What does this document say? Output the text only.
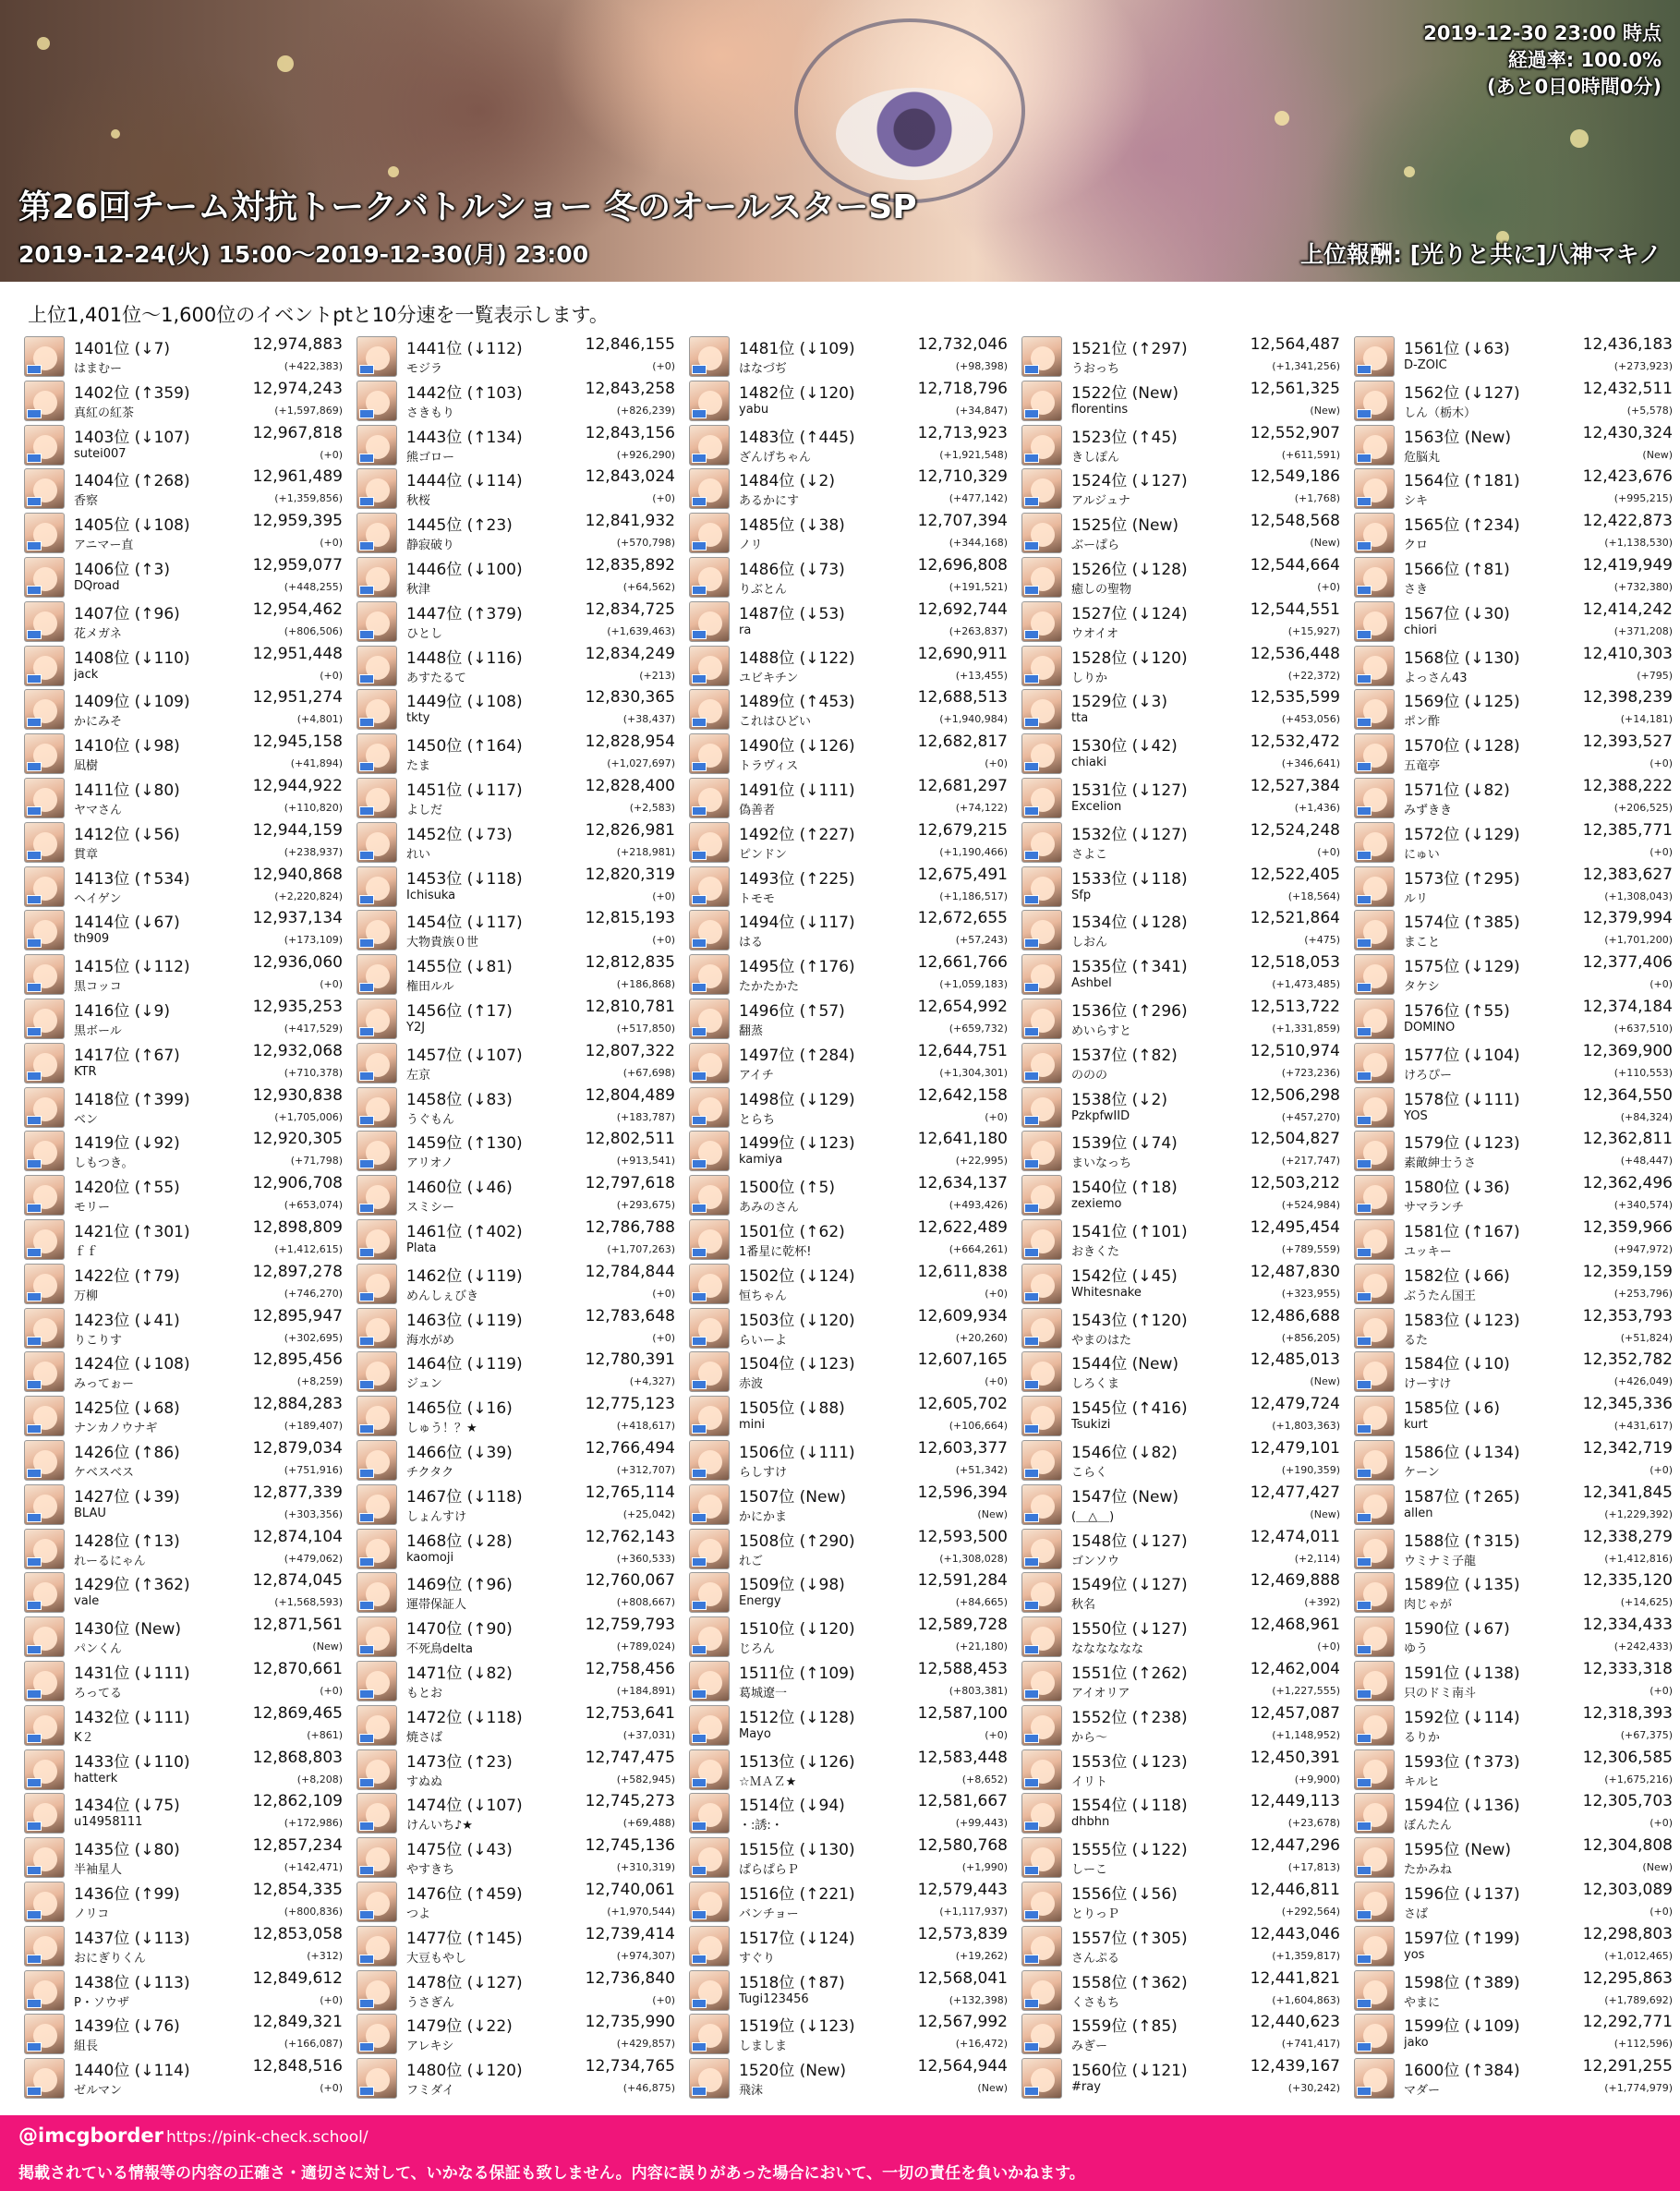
2019-12-30 23:00 時点
経過率: 100.0%
(あと0日0時間0分)
第26回チーム対抗トークバトルショー 冬のオールスターSP
2019-12-24(火) 15:00～2019-12-30(月) 23:00	上位報酬: [光りと共に]八神マキノ
上位1,401位～1,600位のイベントptと10分速を一覧表示します。
1401位 (↓7)	12,974,883
はまむー	(+422,383)
1402位 (↑359)	12,974,243
真紅の紅茶	(+1,597,869)
1403位 (↓107)	12,967,818
sutei007	(+0)
1404位 (↑268)	12,961,489
香察	(+1,359,856)
1405位 (↓108)	12,959,395
アニマー直	(+0)
1406位 (↑3)	12,959,077
DQroad	(+448,255)
1407位 (↑96)	12,954,462
花メガネ	(+806,506)
1408位 (↓110)	12,951,448
jack	(+0)
1409位 (↓109)	12,951,274
かにみそ	(+4,801)
1410位 (↓98)	12,945,158
凪樹	(+41,894)
1411位 (↓80)	12,944,922
ヤマさん	(+110,820)
1412位 (↓56)	12,944,159
貫章	(+238,937)
1413位 (↑534)	12,940,868
ヘイゲン	(+2,220,824)
1414位 (↓67)	12,937,134
th909	(+173,109)
1415位 (↓112)	12,936,060
黒コッコ	(+0)
1416位 (↓9)	12,935,253
黒ボール	(+417,529)
1417位 (↑67)	12,932,068
KTR	(+710,378)
1418位 (↑399)	12,930,838
ベン	(+1,705,006)
1419位 (↓92)	12,920,305
しもつき。	(+71,798)
1420位 (↑55)	12,906,708
モリー	(+653,074)
1421位 (↑301)	12,898,809
ｆｆ	(+1,412,615)
1422位 (↑79)	12,897,278
万柳	(+746,270)
1423位 (↓41)	12,895,947
りこりす	(+302,695)
1424位 (↓108)	12,895,456
みってぉー	(+8,259)
1425位 (↓68)	12,884,283
ナンカノウナギ	(+189,407)
1426位 (↑86)	12,879,034
ケベスベス	(+751,916)
1427位 (↓39)	12,877,339
BLAU	(+303,356)
1428位 (↑13)	12,874,104
れーるにゃん	(+479,062)
1429位 (↑362)	12,874,045
vale	(+1,568,593)
1430位 (New)	12,871,561
パンくん	(New)
1431位 (↓111)	12,870,661
ろってる	(+0)
1432位 (↓111)	12,869,465
K２	(+861)
1433位 (↓110)	12,868,803
hatterk	(+8,208)
1434位 (↓75)	12,862,109
u14958111	(+172,986)
1435位 (↓80)	12,857,234
半袖星人	(+142,471)
1436位 (↑99)	12,854,335
ノリコ	(+800,836)
1437位 (↓113)	12,853,058
おにぎりくん	(+312)
1438位 (↓113)	12,849,612
P・ソウザ	(+0)
1439位 (↓76)	12,849,321
組長	(+166,087)
1440位 (↓114)	12,848,516
ゼルマン	(+0)
1441位 (↓112)	12,846,155
モジラ	(+0)
1442位 (↑103)	12,843,258
さきもり	(+826,239)
1443位 (↑134)	12,843,156
熊ゴロー	(+926,290)
1444位 (↓114)	12,843,024
秋桜	(+0)
1445位 (↑23)	12,841,932
静寂破り	(+570,798)
1446位 (↓100)	12,835,892
秋津	(+64,562)
1447位 (↑379)	12,834,725
ひとし	(+1,639,463)
1448位 (↓116)	12,834,249
あすたるて	(+213)
1449位 (↓108)	12,830,365
tkty	(+38,437)
1450位 (↑164)	12,828,954
たま	(+1,027,697)
1451位 (↓117)	12,828,400
よしだ	(+2,583)
1452位 (↓73)	12,826,981
れい	(+218,981)
1453位 (↓118)	12,820,319
Ichisuka	(+0)
1454位 (↓117)	12,815,193
大物貴族０世	(+0)
1455位 (↓81)	12,812,835
権田ルル	(+186,868)
1456位 (↑17)	12,810,781
Y2J	(+517,850)
1457位 (↓107)	12,807,322
左京	(+67,698)
1458位 (↓83)	12,804,489
うぐもん	(+183,787)
1459位 (↑130)	12,802,511
アリオノ	(+913,541)
1460位 (↓46)	12,797,618
スミシー	(+293,675)
1461位 (↑402)	12,786,788
Plata	(+1,707,263)
1462位 (↓119)	12,784,844
めんしぇびき	(+0)
1463位 (↓119)	12,783,648
海水がめ	(+0)
1464位 (↓119)	12,780,391
ジュン	(+4,327)
1465位 (↓16)	12,775,123
しゅう！？★	(+418,617)
1466位 (↓39)	12,766,494
チクタク	(+312,707)
1467位 (↓118)	12,765,114
しょんすけ	(+25,042)
1468位 (↓28)	12,762,143
kaomoji	(+360,533)
1469位 (↑96)	12,760,067
運帯保証人	(+808,667)
1470位 (↑90)	12,759,793
不死鳥delta	(+789,024)
1471位 (↓82)	12,758,456
もとお	(+184,891)
1472位 (↓118)	12,753,641
焼さば	(+37,031)
1473位 (↑23)	12,747,475
すぬぬ	(+582,945)
1474位 (↓107)	12,745,273
けんいち♪★	(+69,488)
1475位 (↓43)	12,745,136
やすきち	(+310,319)
1476位 (↑459)	12,740,061
つよ	(+1,970,544)
1477位 (↑145)	12,739,414
大豆もやし	(+974,307)
1478位 (↓127)	12,736,840
うさぎん	(+0)
1479位 (↓22)	12,735,990
アレキシ	(+429,857)
1480位 (↓120)	12,734,765
フミダイ	(+46,875)
1481位 (↓109)	12,732,046
はなづぢ	(+98,398)
1482位 (↓120)	12,718,796
yabu	(+34,847)
1483位 (↑445)	12,713,923
ざんげちゃん	(+1,921,548)
1484位 (↓2)	12,710,329
あるかにす	(+477,142)
1485位 (↓38)	12,707,394
ノリ	(+344,168)
1486位 (↓73)	12,696,808
りぶとん	(+191,521)
1487位 (↓53)	12,692,744
ra	(+263,837)
1488位 (↓122)	12,690,911
ユビキチン	(+13,455)
1489位 (↑453)	12,688,513
これはひどい	(+1,940,984)
1490位 (↓126)	12,682,817
トラヴィス	(+0)
1491位 (↓111)	12,681,297
偽善者	(+74,122)
1492位 (↑227)	12,679,215
ピンドン	(+1,190,466)
1493位 (↑225)	12,675,491
トモモ	(+1,186,517)
1494位 (↓117)	12,672,655
はる	(+57,243)
1495位 (↑176)	12,661,766
たかたかた	(+1,059,183)
1496位 (↑57)	12,654,992
翻蒸	(+659,732)
1497位 (↑284)	12,644,751
アイチ	(+1,304,301)
1498位 (↓129)	12,642,158
とらち	(+0)
1499位 (↓123)	12,641,180
kamiya	(+22,995)
1500位 (↑5)	12,634,137
あみのさん	(+493,426)
1501位 (↑62)	12,622,489
1番星に乾杯!	(+664,261)
1502位 (↓124)	12,611,838
恒ちゃん	(+0)
1503位 (↓120)	12,609,934
らいーよ	(+20,260)
1504位 (↓123)	12,607,165
赤波	(+0)
1505位 (↓88)	12,605,702
mini	(+106,664)
1506位 (↓111)	12,603,377
らしすけ	(+51,342)
1507位 (New)	12,596,394
かにかま	(New)
1508位 (↑290)	12,593,500
れご	(+1,308,028)
1509位 (↓98)	12,591,284
Energy	(+84,665)
1510位 (↓120)	12,589,728
じろん	(+21,180)
1511位 (↑109)	12,588,453
葛城遼一	(+803,381)
1512位 (↓128)	12,587,100
Mayo	(+0)
1513位 (↓126)	12,583,448
☆ＭＡＺ★	(+8,652)
1514位 (↓94)	12,581,667
・:誘:・	(+99,443)
1515位 (↓130)	12,580,768
ぱらぱらＰ	(+1,990)
1516位 (↑221)	12,579,443
バンチョー	(+1,117,937)
1517位 (↓124)	12,573,839
すぐり	(+19,262)
1518位 (↑87)	12,568,041
Tugi123456	(+132,398)
1519位 (↓123)	12,567,992
しましま	(+16,472)
1520位 (New)	12,564,944
飛沫	(New)
1521位 (↑297)	12,564,487
うおっち	(+1,341,256)
1522位 (New)	12,561,325
florentins	(New)
1523位 (↑45)	12,552,907
きしぽん	(+611,591)
1524位 (↓127)	12,549,186
アルジュナ	(+1,768)
1525位 (New)	12,548,568
ぶーぱら	(New)
1526位 (↓128)	12,544,664
癒しの聖物	(+0)
1527位 (↓124)	12,544,551
ウオイオ	(+15,927)
1528位 (↓120)	12,536,448
しりか	(+22,372)
1529位 (↓3)	12,535,599
tta	(+453,056)
1530位 (↓42)	12,532,472
chiaki	(+346,641)
1531位 (↓127)	12,527,384
Excelion	(+1,436)
1532位 (↓127)	12,524,248
さよこ	(+0)
1533位 (↓118)	12,522,405
Sfp	(+18,564)
1534位 (↓128)	12,521,864
しおん	(+475)
1535位 (↑341)	12,518,053
Ashbel	(+1,473,485)
1536位 (↑296)	12,513,722
めいらすと	(+1,331,859)
1537位 (↑82)	12,510,974
ののの	(+723,236)
1538位 (↓2)	12,506,298
PzkpfwIID	(+457,270)
1539位 (↓74)	12,504,827
まいなっち	(+217,747)
1540位 (↑18)	12,503,212
zexiemo	(+524,984)
1541位 (↑101)	12,495,454
おきくた	(+789,559)
1542位 (↓45)	12,487,830
Whitesnake	(+323,955)
1543位 (↑120)	12,486,688
やまのはた	(+856,205)
1544位 (New)	12,485,013
しろくま	(New)
1545位 (↑416)	12,479,724
Tsukizi	(+1,803,363)
1546位 (↓82)	12,479,101
こらく	(+190,359)
1547位 (New)	12,477,427
(＿△＿)	(New)
1548位 (↓127)	12,474,011
ゴンソウ	(+2,114)
1549位 (↓127)	12,469,888
秋名	(+392)
1550位 (↓127)	12,468,961
なななななな	(+0)
1551位 (↑262)	12,462,004
アイオリア	(+1,227,555)
1552位 (↑238)	12,457,087
から～	(+1,148,952)
1553位 (↓123)	12,450,391
イリト	(+9,900)
1554位 (↓118)	12,449,113
dhbhn	(+23,678)
1555位 (↓122)	12,447,296
しーこ	(+17,813)
1556位 (↓56)	12,446,811
とりっＰ	(+292,564)
1557位 (↑305)	12,443,046
さんぷる	(+1,359,817)
1558位 (↑362)	12,441,821
くさもち	(+1,604,863)
1559位 (↑85)	12,440,623
みぎー	(+741,417)
1560位 (↓121)	12,439,167
#ray	(+30,242)
1561位 (↓63)	12,436,183
D-ZOIC	(+273,923)
1562位 (↓127)	12,432,511
しん（栃木）	(+5,578)
1563位 (New)	12,430,324
危脳丸	(New)
1564位 (↑181)	12,423,676
シキ	(+995,215)
1565位 (↑234)	12,422,873
クロ	(+1,138,530)
1566位 (↑81)	12,419,949
さき	(+732,380)
1567位 (↓30)	12,414,242
chiori	(+371,208)
1568位 (↓130)	12,410,303
よっさん43	(+795)
1569位 (↓125)	12,398,239
ポン酢	(+14,181)
1570位 (↓128)	12,393,527
五竜亭	(+0)
1571位 (↓82)	12,388,222
みずきき	(+206,525)
1572位 (↓129)	12,385,771
にゅい	(+0)
1573位 (↑295)	12,383,627
ルリ	(+1,308,043)
1574位 (↑385)	12,379,994
まこと	(+1,701,200)
1575位 (↓129)	12,377,406
タケシ	(+0)
1576位 (↑55)	12,374,184
DOMINO	(+637,510)
1577位 (↓104)	12,369,900
けろぴー	(+110,553)
1578位 (↓111)	12,364,550
YOS	(+84,324)
1579位 (↓123)	12,362,811
素敵紳士うさ	(+48,447)
1580位 (↓36)	12,362,496
サマランチ	(+340,574)
1581位 (↑167)	12,359,966
ユッキー	(+947,972)
1582位 (↓66)	12,359,159
ぶうたん国王	(+253,796)
1583位 (↓123)	12,353,793
るた	(+51,824)
1584位 (↓10)	12,352,782
けーすけ	(+426,049)
1585位 (↓6)	12,345,336
kurt	(+431,617)
1586位 (↓134)	12,342,719
ケーン	(+0)
1587位 (↑265)	12,341,845
allen	(+1,229,392)
1588位 (↑315)	12,338,279
ウミナミ子龍	(+1,412,816)
1589位 (↓135)	12,335,120
肉じゃが	(+14,625)
1590位 (↓67)	12,334,433
ゆう	(+242,433)
1591位 (↓138)	12,333,318
只のドミ南斗	(+0)
1592位 (↓114)	12,318,393
るりか	(+67,375)
1593位 (↑373)	12,306,585
キルヒ	(+1,675,216)
1594位 (↓136)	12,305,703
ぼんたん	(+0)
1595位 (New)	12,304,808
たかみね	(New)
1596位 (↓137)	12,303,089
さば	(+0)
1597位 (↑199)	12,298,803
yos	(+1,012,465)
1598位 (↑389)	12,295,863
やまに	(+1,789,692)
1599位 (↓109)	12,292,771
jako	(+112,596)
1600位 (↑384)	12,291,255
マダー	(+1,774,979)
@imcgborder https://pink-check.school/
掲載されている情報等の内容の正確さ・適切さに対して、いかなる保証も致しません。内容に誤りがあった場合において、一切の責任を負いかねます。
